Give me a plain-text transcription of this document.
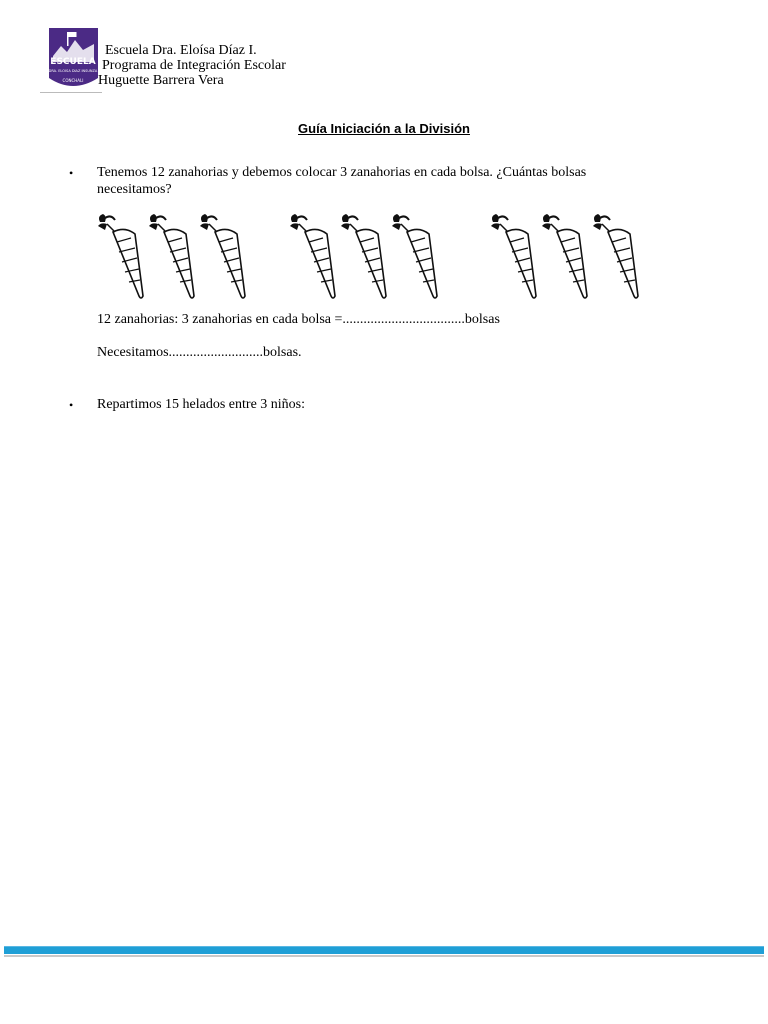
ESCUELA
DRA. ELOISA DIAZ INSUNZA
CONCHALI
Escuela Dra. Eloísa Díaz I.
Programa de Integración Escolar
Huguette Barrera Vera
Guía Iniciación a la División
• Tenemos 12 zanahorias y debemos colocar 3 zanahorias en cada bolsa. ¿Cuántas bolsas necesitamos?
12 zanahorias: 3 zanahorias en cada bolsa =...................................bolsas
Necesitamos...........................bolsas.
• Repartimos 15 helados entre 3 niños:
